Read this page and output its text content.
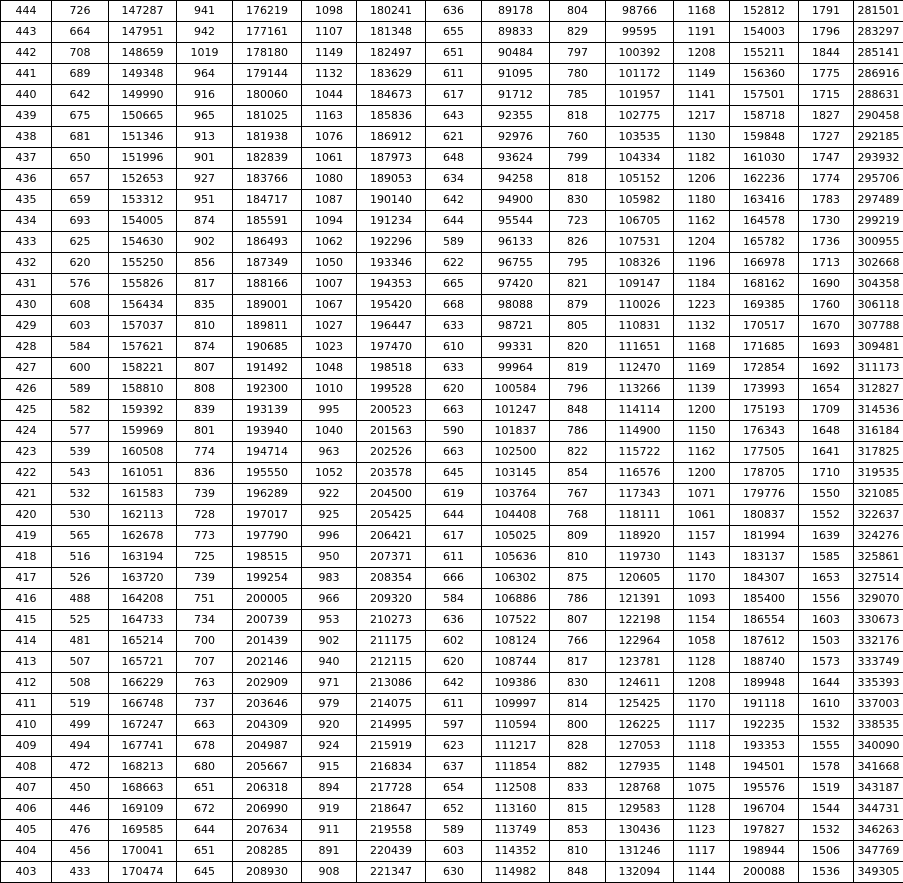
444	726	147287	941	176219	1098	180241	636	89178	804	98766	1168	152812	1791	281501
443	664	147951	942	177161	1107	181348	655	89833	829	99595	1191	154003	1796	283297
442	708	148659	1019	178180	1149	182497	651	90484	797	100392	1208	155211	1844	285141
441	689	149348	964	179144	1132	183629	611	91095	780	101172	1149	156360	1775	286916
440	642	149990	916	180060	1044	184673	617	91712	785	101957	1141	157501	1715	288631
439	675	150665	965	181025	1163	185836	643	92355	818	102775	1217	158718	1827	290458
438	681	151346	913	181938	1076	186912	621	92976	760	103535	1130	159848	1727	292185
437	650	151996	901	182839	1061	187973	648	93624	799	104334	1182	161030	1747	293932
436	657	152653	927	183766	1080	189053	634	94258	818	105152	1206	162236	1774	295706
435	659	153312	951	184717	1087	190140	642	94900	830	105982	1180	163416	1783	297489
434	693	154005	874	185591	1094	191234	644	95544	723	106705	1162	164578	1730	299219
433	625	154630	902	186493	1062	192296	589	96133	826	107531	1204	165782	1736	300955
432	620	155250	856	187349	1050	193346	622	96755	795	108326	1196	166978	1713	302668
431	576	155826	817	188166	1007	194353	665	97420	821	109147	1184	168162	1690	304358
430	608	156434	835	189001	1067	195420	668	98088	879	110026	1223	169385	1760	306118
429	603	157037	810	189811	1027	196447	633	98721	805	110831	1132	170517	1670	307788
428	584	157621	874	190685	1023	197470	610	99331	820	111651	1168	171685	1693	309481
427	600	158221	807	191492	1048	198518	633	99964	819	112470	1169	172854	1692	311173
426	589	158810	808	192300	1010	199528	620	100584	796	113266	1139	173993	1654	312827
425	582	159392	839	193139	995	200523	663	101247	848	114114	1200	175193	1709	314536
424	577	159969	801	193940	1040	201563	590	101837	786	114900	1150	176343	1648	316184
423	539	160508	774	194714	963	202526	663	102500	822	115722	1162	177505	1641	317825
422	543	161051	836	195550	1052	203578	645	103145	854	116576	1200	178705	1710	319535
421	532	161583	739	196289	922	204500	619	103764	767	117343	1071	179776	1550	321085
420	530	162113	728	197017	925	205425	644	104408	768	118111	1061	180837	1552	322637
419	565	162678	773	197790	996	206421	617	105025	809	118920	1157	181994	1639	324276
418	516	163194	725	198515	950	207371	611	105636	810	119730	1143	183137	1585	325861
417	526	163720	739	199254	983	208354	666	106302	875	120605	1170	184307	1653	327514
416	488	164208	751	200005	966	209320	584	106886	786	121391	1093	185400	1556	329070
415	525	164733	734	200739	953	210273	636	107522	807	122198	1154	186554	1603	330673
414	481	165214	700	201439	902	211175	602	108124	766	122964	1058	187612	1503	332176
413	507	165721	707	202146	940	212115	620	108744	817	123781	1128	188740	1573	333749
412	508	166229	763	202909	971	213086	642	109386	830	124611	1208	189948	1644	335393
411	519	166748	737	203646	979	214075	611	109997	814	125425	1170	191118	1610	337003
410	499	167247	663	204309	920	214995	597	110594	800	126225	1117	192235	1532	338535
409	494	167741	678	204987	924	215919	623	111217	828	127053	1118	193353	1555	340090
408	472	168213	680	205667	915	216834	637	111854	882	127935	1148	194501	1578	341668
407	450	168663	651	206318	894	217728	654	112508	833	128768	1075	195576	1519	343187
406	446	169109	672	206990	919	218647	652	113160	815	129583	1128	196704	1544	344731
405	476	169585	644	207634	911	219558	589	113749	853	130436	1123	197827	1532	346263
404	456	170041	651	208285	891	220439	603	114352	810	131246	1117	198944	1506	347769
403	433	170474	645	208930	908	221347	630	114982	848	132094	1144	200088	1536	349305
